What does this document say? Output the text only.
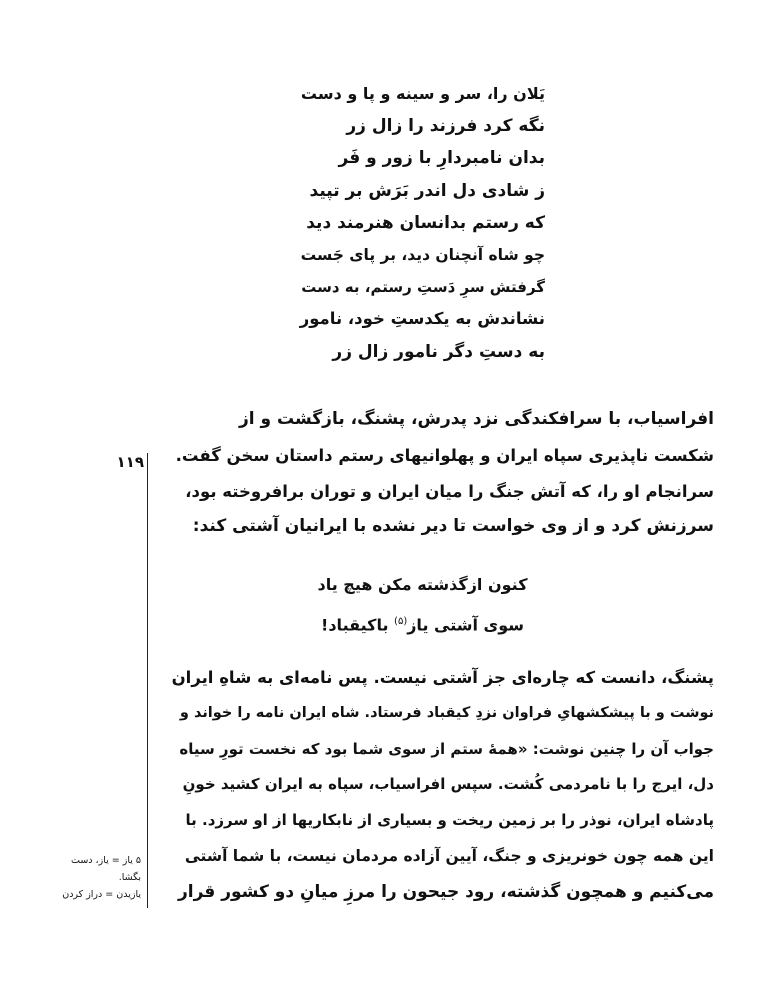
یَلان را، سر و سینه و پا و دست
نگه کرد فرزند را زال زر
بدان نامبردارِ با زور و فَر
ز شادی دل اندر بَرَش بر تپید
که رستم بدانسان هنرمند دید
چو شاه آنچنان دید، بر پای جَست
گرفتش سرِ دَستِ رستم، به دست
نشاندش به یکدستِ خود، نامور
به دستِ دگر نامور زال زر
افراسیاب، با سرافکندگی نزد پدرش، پشنگ، بازگشت و از
شکست ناپذیری سپاه ایران و پهلوانیهای رستم داستان سخن گفت.
سرانجام او را، که آتش جنگ را میان ایران و توران برافروخته بود،
سرزنش کرد و از وی خواست تا دیر نشده با ایرانیان آشتی کند:
۱۱۹
کنون ازگذشته مکن هیچ یاد
سوی آشتی یاز$^{(۵)}$ باکیقباد!
پشنگ، دانست که چاره‌ای جز آشتی نیست. پس نامه‌ای به شاهِ ایران
نوشت و با پیشکشهایِ فراوان نزدِ کیقباد فرستاد. شاه ایران نامه را خواند و
جواب آن را چنین نوشت: «همهٔ ستم از سوی شما بود که نخست تورِ سیاه
دل، ایرج را با نامردمی کُشت. سپس افراسیاب، سپاه به ایران کشید خونِ
پادشاه ایران، نوذر را بر زمین ریخت و بسیاری از نابکاریها از او سرزد. با
این همه چون خونریزی و جنگ، آیین آزاده مردمان نیست، با شما آشتی
می‌کنیم و همچون گذشته، رود جیحون را مرزِ میانِ دو کشور قرار
۵ یاز = یاز، دست بگشا.
یازیدن = دراز کردن
